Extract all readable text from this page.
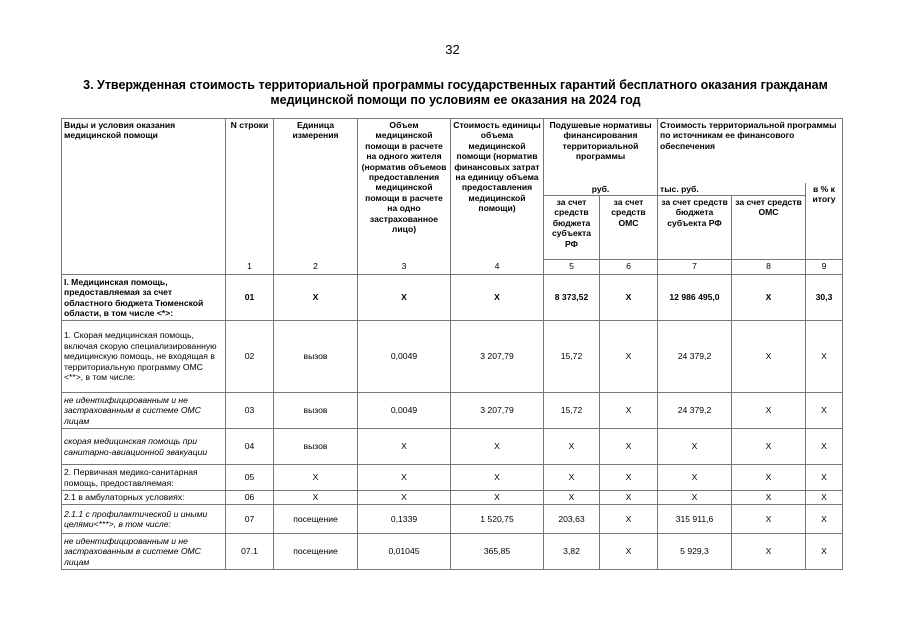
32
3. Утвержденная стоимость территориальной программы государственных гарантий бесплатного оказания гражданам
медицинской помощи по условиям ее оказания на 2024 год
Виды и условия оказания медицинской помощи	N строки	Единица измерения	Объем медицинской помощи в расчете на одного жителя (норматив объемов предоставления медицинской помощи в расчете на одно застрахованное лицо)	Стоимость единицы объема медицинской помощи (норматив финансовых затрат на единицу объема предоставления медицинской помощи)	Подушевые нормативы финансирования территориальной программы		Стоимость территориальной программы по источникам ее финансового обеспечения		
					руб.		тыс. руб.		в % к итогу
					за счет средств бюджета субъекта РФ	за счет средств ОМС	за счет средств бюджета субъекта РФ	за счет средств ОМС	
	1	2	3	4	5	6	7	8	9
I. Медицинская помощь, предоставляемая за счет областного бюджета Тюменской области, в том числе <*>:	01	X	X	X	8 373,52	X	12 986 495,0	X	30,3
1. Скорая медицинская помощь, включая скорую специализированную медицинскую помощь, не входящая в территориальную программу ОМС <**>, в том числе:	02	вызов	0,0049	3 207,79	15,72	X	24 379,2	X	X
не идентифицированным и не застрахованным в системе ОМС лицам	03	вызов	0,0049	3 207,79	15,72	X	24 379,2	X	X
скорая медицинская помощь при санитарно-авиационной эвакуации	04	вызов	X	X	X	X	X	X	X
2. Первичная медико-санитарная помощь, предоставляемая:	05	X	X	X	X	X	X	X	X
2.1 в амбулаторных условиях:	06	X	X	X	X	X	X	X	X
2.1.1 с профилактической и иными целями<***>, в том числе:	07	посещение	0,1339	1 520,75	203,63	X	315 911,6	X	X
не идентифицированным и не застрахованным в системе ОМС лицам	07.1	посещение	0,01045	365,85	3,82	X	5 929,3	X	X
